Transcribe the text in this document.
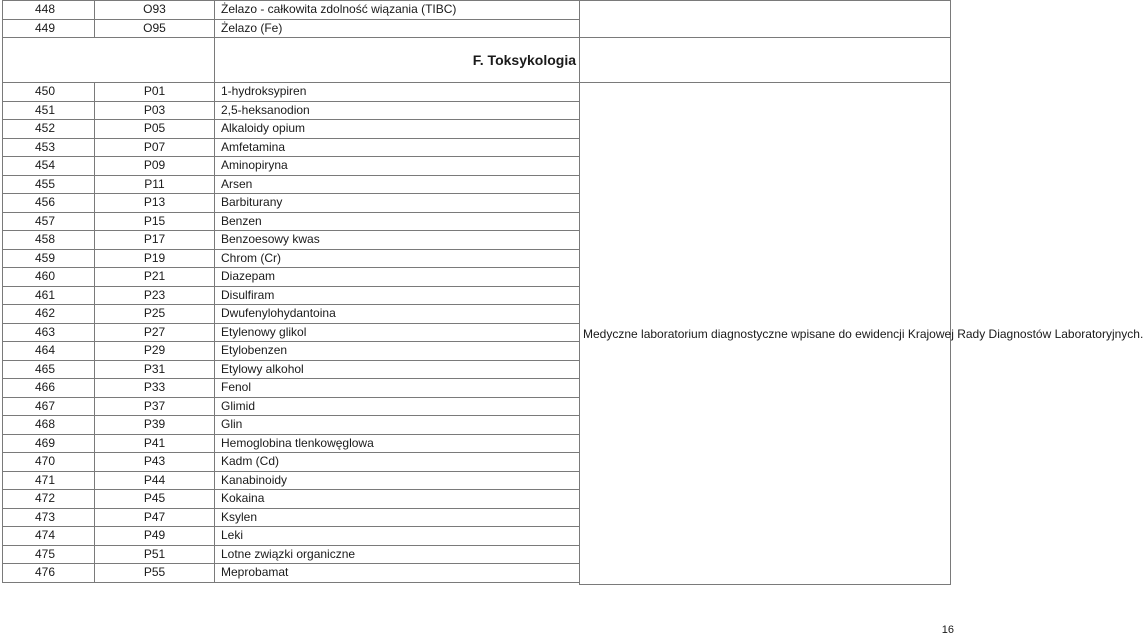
448	O93	Żelazo - całkowita zdolność wiązania (TIBC)	
449	O95	Żelazo (Fe)	
		F. Toksykologia	
450	P01	1-hydroksypiren	Medyczne laboratorium diagnostyczne wpisane do ewidencji Krajowej Rady Diagnostów Laboratoryjnych.
451	P03	2,5-heksanodion	
452	P05	Alkaloidy opium	
453	P07	Amfetamina	
454	P09	Aminopiryna	
455	P11	Arsen	
456	P13	Barbiturany	
457	P15	Benzen	
458	P17	Benzoesowy kwas	
459	P19	Chrom (Cr)	
460	P21	Diazepam	
461	P23	Disulfiram	
462	P25	Dwufenylohydantoina	
463	P27	Etylenowy glikol	
464	P29	Etylobenzen	
465	P31	Etylowy alkohol	
466	P33	Fenol	
467	P37	Glimid	
468	P39	Glin	
469	P41	Hemoglobina tlenkowęglowa	
470	P43	Kadm (Cd)	
471	P44	Kanabinoidy	
472	P45	Kokaina	
473	P47	Ksylen	
474	P49	Leki	
475	P51	Lotne związki organiczne	
476	P55	Meprobamat	

16
